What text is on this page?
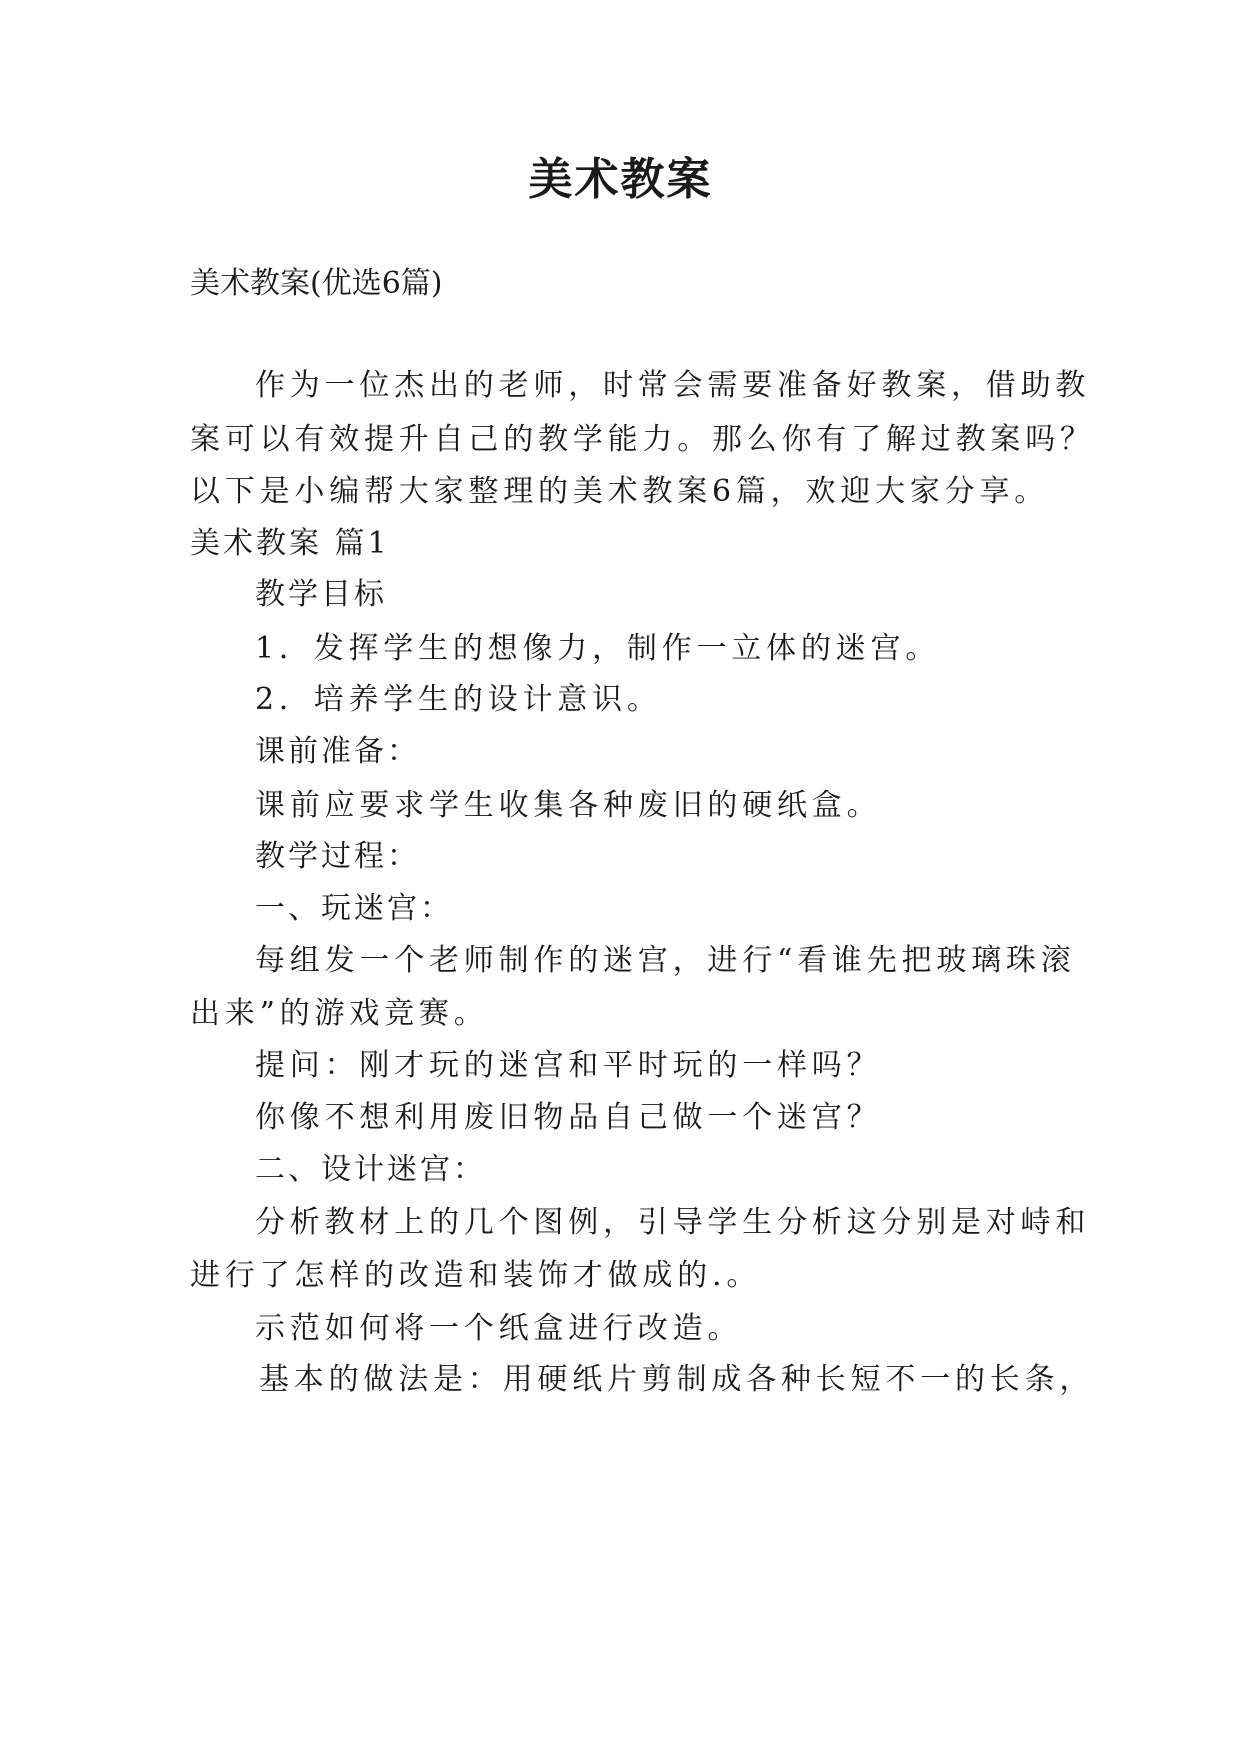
美术教案
美术教案(优选6篇)
作为一位杰出的老师，时常会需要准备好教案，借助教
案可以有效提升自己的教学能力。那么你有了解过教案吗？
以下是小编帮大家整理的美术教案6篇，欢迎大家分享。
美术教案 篇1
教学目标
1．发挥学生的想像力，制作一立体的迷宫。
2．培养学生的设计意识。
课前准备：
课前应要求学生收集各种废旧的硬纸盒。
教学过程：
一、玩迷宫：
每组发一个老师制作的迷宫，进行“看谁先把玻璃珠滚
出来”的游戏竞赛。
提问：刚才玩的迷宫和平时玩的一样吗？
你像不想利用废旧物品自己做一个迷宫？
二、设计迷宫：
分析教材上的几个图例，引导学生分析这分别是对峙和
进行了怎样的改造和装饰才做成的.。
示范如何将一个纸盒进行改造。
基本的做法是：用硬纸片剪制成各种长短不一的长条，
